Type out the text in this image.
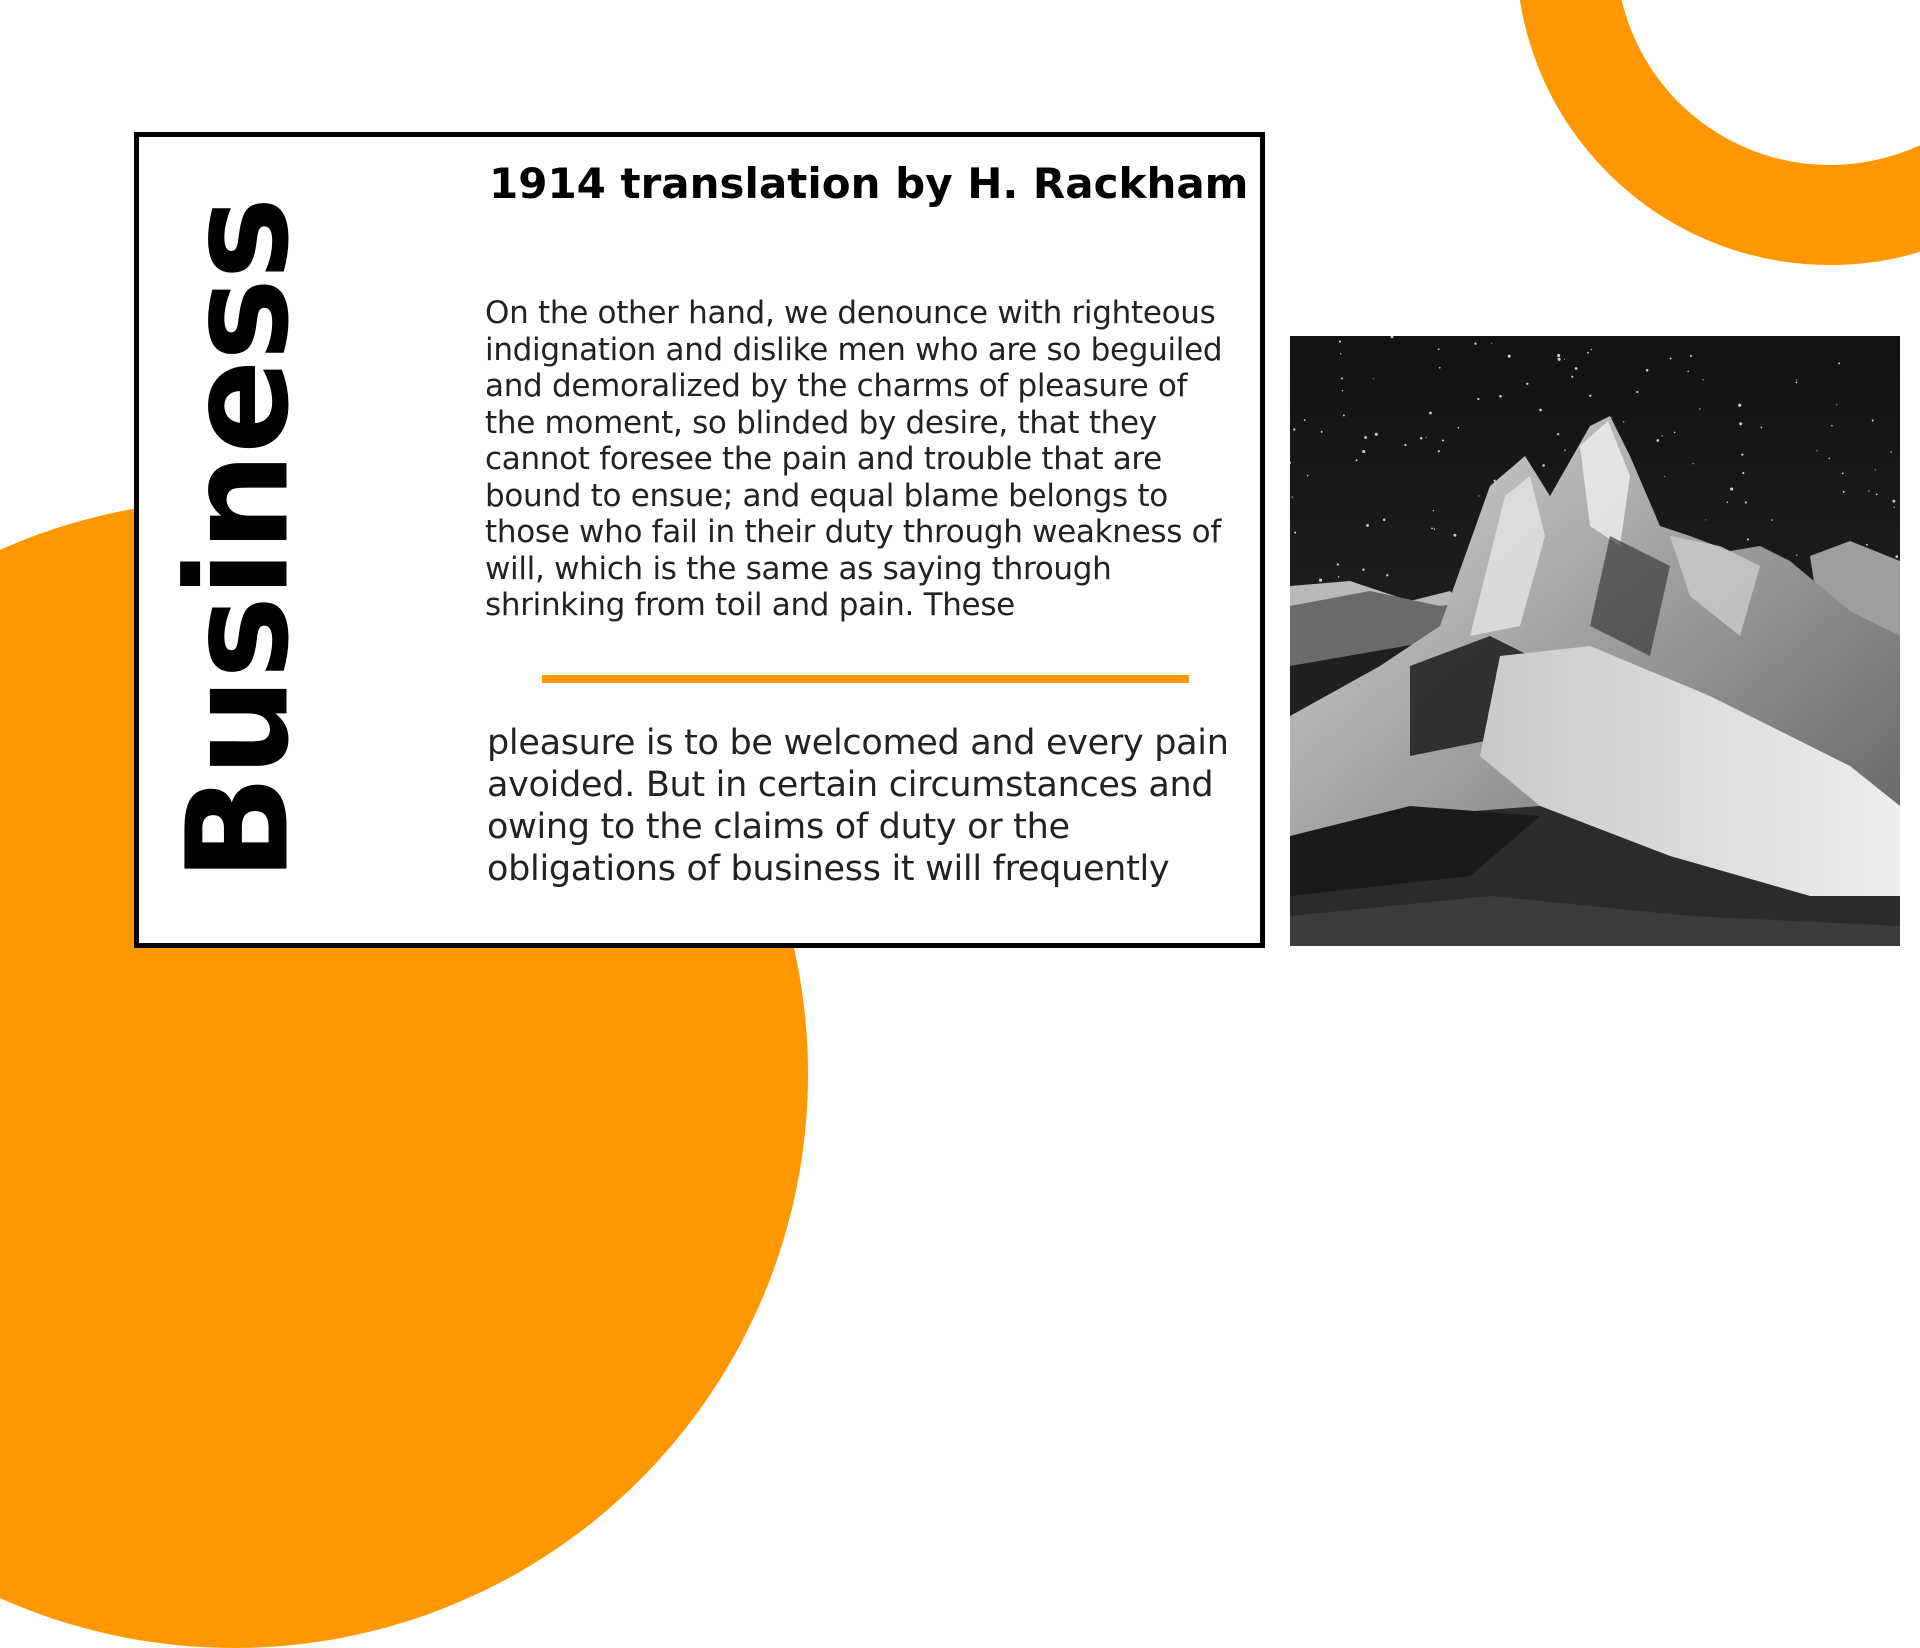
Business
1914 translation by H. Rackham
On the other hand, we denounce with righteous indignation and dislike men who are so beguiled and demoralized by the charms of pleasure of the moment, so blinded by desire, that they cannot foresee the pain and trouble that are bound to ensue; and equal blame belongs to those who fail in their duty through weakness of will, which is the same as saying through shrinking from toil and pain. These
pleasure is to be welcomed and every pain avoided. But in certain circumstances and owing to the claims of duty or the obligations of business it will frequently
